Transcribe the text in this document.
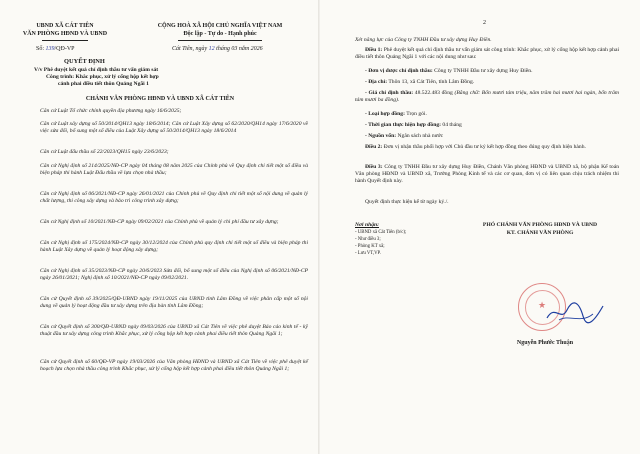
UBND XÃ CÁT TIÊN
VĂN PHÒNG HĐND VÀ UBND
CỘNG HOÀ XÃ HỘI CHỦ NGHĨA VIỆT NAM
Độc lập - Tự do - Hạnh phúc
Số: 139/QĐ-VP	Cát Tiên, ngày 12 tháng 03 năm 2026
QUYẾT ĐỊNH
V/v Phê duyệt kết quả chỉ định thầu tư vấn giám sát
Công trình: Khắc phục, xử lý cống hộp kết hợp
cảnh phai điều tiết thôn Quảng Ngãi 1
CHÁNH VĂN PHÒNG HĐND VÀ UBND XÃ CÁT TIÊN
Căn cứ Luật Tổ chức chính quyền địa phương ngày 16/6/2025;
Căn cứ Luật xây dựng số 50/2014/QH13 ngày 18/6/2014; Căn cứ Luật Xây dựng số 62/2020/QH14 ngày 17/6/2020 về việc sửa đổi, bổ sung một số điều của Luật Xây dựng số 50/2014/QH13 ngày 18/6/2014
Căn cứ Luật đấu thầu số 22/2023/QH15 ngày 23/6/2023;
Căn cứ Nghị định số 214/2025/NĐ-CP ngày 04 tháng 08 năm 2025 của Chính phủ về Quy định chi tiết một số điều và biện pháp thi hành Luật Đấu thầu về lựa chọn nhà thầu;
Căn cứ Nghị định số 06/2021/NĐ-CP ngày 26/01/2021 của Chính phủ về Quy định chi tiết một số nội dung về quản lý chất lượng, thi công xây dựng và bảo trì công trình xây dựng;
Căn cứ Nghị định số 10/2021/NĐ-CP ngày 09/02/2021 của Chính phủ về quản lý chi phí đầu tư xây dựng;
Căn cứ Nghị định số 175/2024/NĐ-CP ngày 30/12/2024 của Chính phủ quy định chi tiết một số điều và biện pháp thi hành Luật Xây dựng về quản lý hoạt động xây dựng;
Căn cứ Nghị định số 35/2023/NĐ-CP ngày 20/6/2023 Sửa đổi, bổ sung một số điều của Nghị định số 06/2021/NĐ-CP ngày 26/01/2021; Nghị định số 10/2021/NĐ-CP ngày 09/02/2021.
Căn cứ Quyết định số 39/2025/QĐ-UBND ngày 19/11/2025 của UBND tỉnh Lâm Đồng về việc phân cấp một số nội dung về quản lý hoạt động đầu tư xây dựng trên địa bàn tỉnh Lâm Đồng;
Căn cứ Quyết định số 300/QĐ-UBND ngày 09/03/2026 của UBND xã Cát Tiên về việc phê duyệt Báo cáo kinh tế - kỹ thuật đầu tư xây dựng công trình Khắc phục, xử lý cống hộp kết hợp cảnh phai điều tiết thôn Quảng Ngãi 1;
Căn cứ Quyết định số 60/QĐ-VP ngày 19/03/2026 của Văn phòng HĐND và UBND xã Cát Tiên về việc phê duyệt kế hoạch lựa chọn nhà thầu công trình Khắc phục, xử lý cống hộp kết hợp cảnh phai điều tiết thôn Quảng Ngãi 1;
2
Xét năng lực của Công ty TNHH Đầu tư xây dựng Huy Điền.
Điều 1: Phê duyệt kết quả chỉ định thầu tư vấn giám sát công trình: Khắc phục, xử lý cống hộp kết hợp cảnh phai điều tiết thôn Quảng Ngãi 1 với các nội dung như sau:
- Đơn vị được chỉ định thầu: Công ty TNHH Đầu tư xây dựng Huy Điền.
- Địa chỉ: Thôn 13, xã Cát Tiên, tỉnh Lâm Đồng.
- Giá chỉ định thầu: 48.522.483 đồng (Bằng chữ: Bốn mươi tám triệu, năm trăm hai mươi hai ngàn, bốn trăm tám mươi ba đồng).
- Loại hợp đồng: Trọn gói.
- Thời gian thực hiện hợp đồng: 04 tháng
- Nguồn vốn: Ngân sách nhà nước
Điều 2: Đơn vị nhận thầu phối hợp với Chủ đầu tư ký kết hợp đồng theo đúng quy định hiện hành.
Điều 3: Công ty TNHH Đầu tư xây dựng Huy Điền, Chánh Văn phòng HĐND và UBND xã, bộ phận Kế toán Văn phòng HĐND và UBND xã, Trưởng Phòng Kinh tế và các cơ quan, đơn vị có liên quan chịu trách nhiệm thi hành Quyết định này.
Quyết định thực hiện kể từ ngày ký./.
Nơi nhận:
- UBND xã Cát Tiên (b/c);
- Như điều 3;
- Phòng KT xã;
- Lưu VT,VP.
PHÓ CHÁNH VĂN PHÒNG HĐND VÀ UBND
KT. CHÁNH VĂN PHÒNG
★
Nguyễn Phước Thuận
